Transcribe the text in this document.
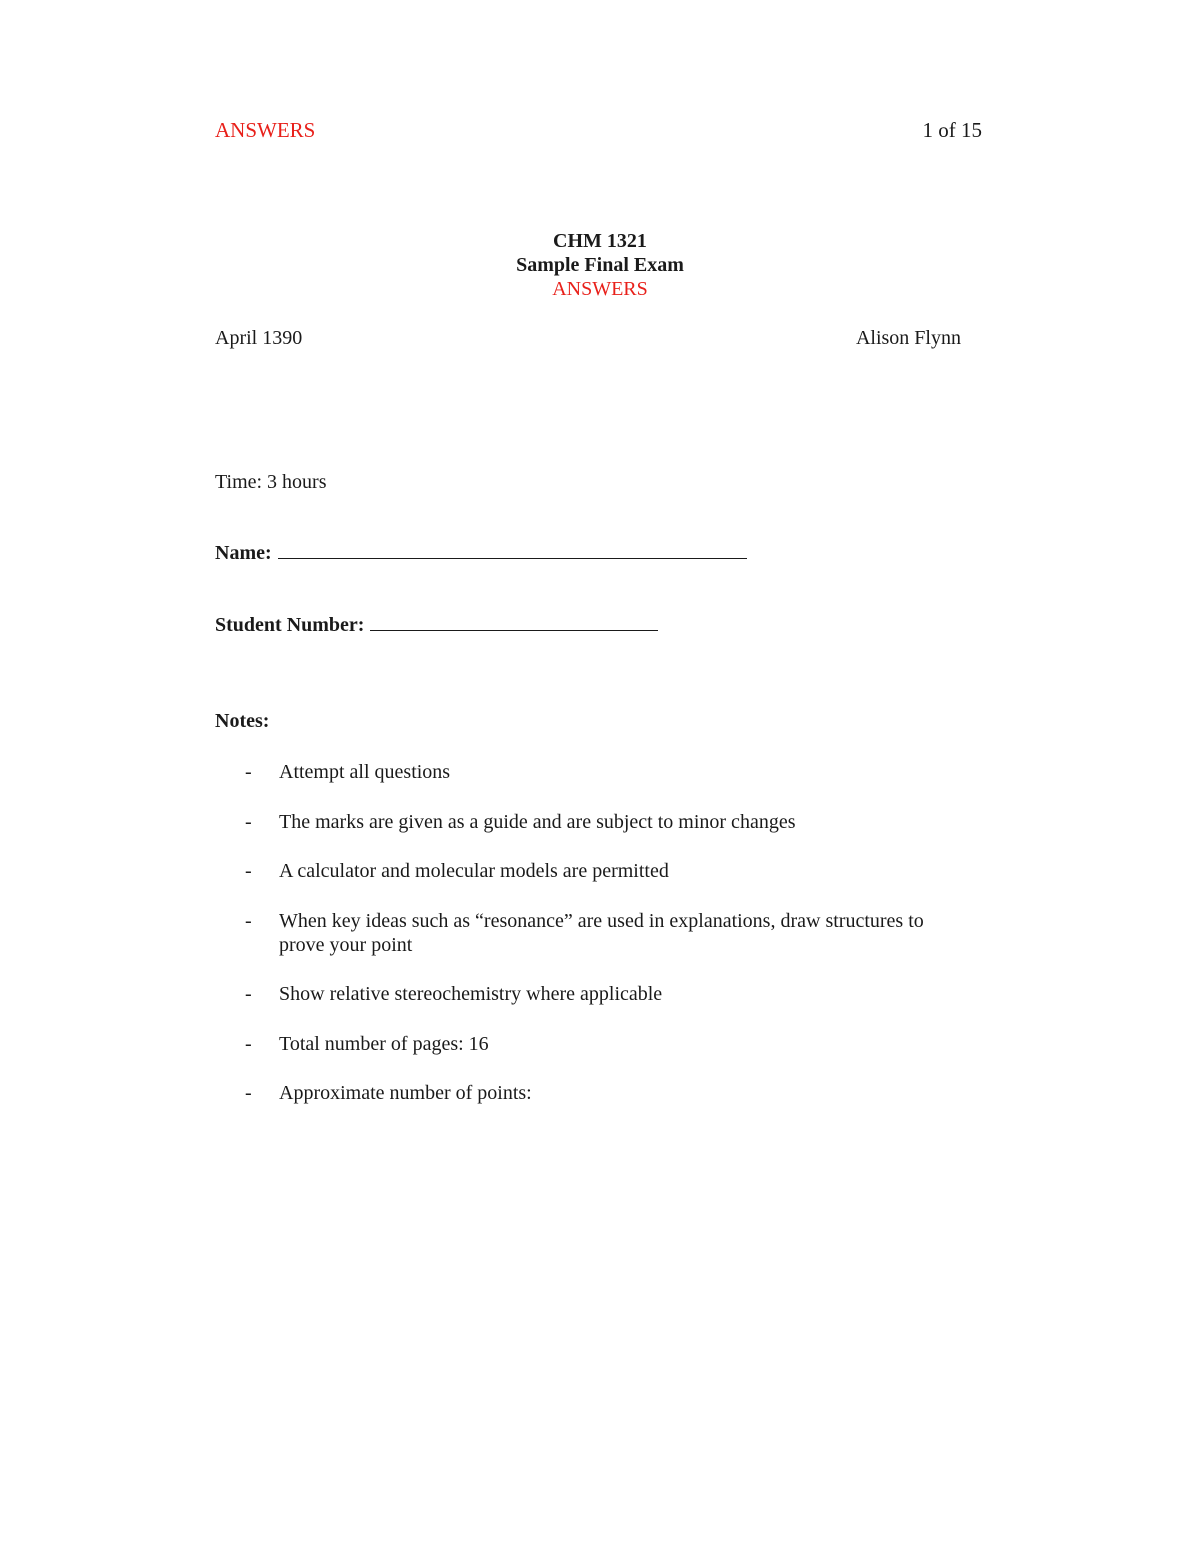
ANSWERS	1 of 15
CHM 1321
Sample Final Exam
ANSWERS
April 1390	Alison Flynn
Time: 3 hours
Name:
Student Number:
Notes:
- Attempt all questions
- The marks are given as a guide and are subject to minor changes
- A calculator and molecular models are permitted
- When key ideas such as “resonance” are used in explanations, draw structures to prove your point
- Show relative stereochemistry where applicable
- Total number of pages: 16
- Approximate number of points:
